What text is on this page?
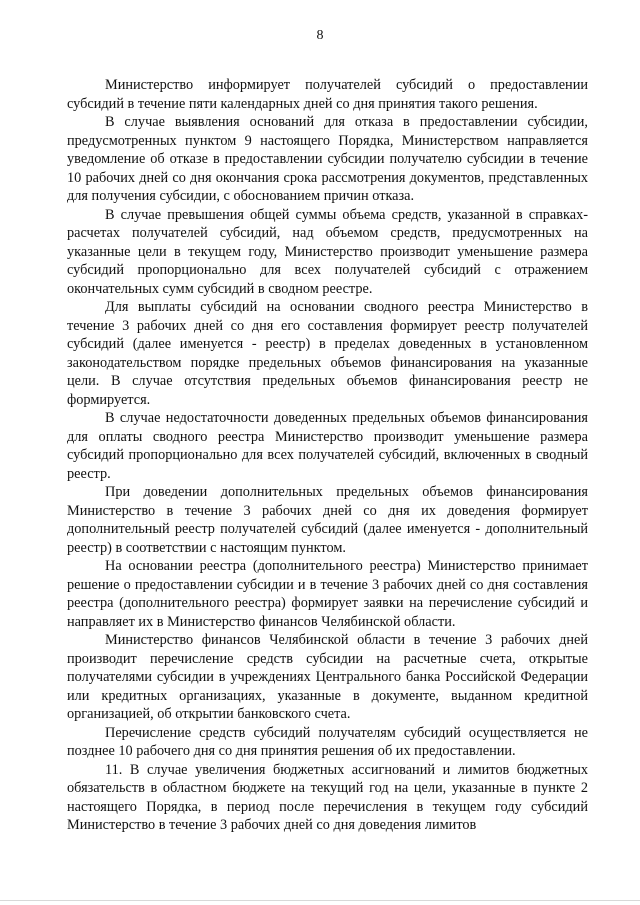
8

Министерство информирует получателей субсидий о предоставлении субсидий в течение пяти календарных дней со дня принятия такого решения.

В случае выявления оснований для отказа в предоставлении субсидии, предусмотренных пунктом 9 настоящего Порядка, Министерством направляется уведомление об отказе в предоставлении субсидии получателю субсидии в течение 10 рабочих дней со дня окончания срока рассмотрения документов, представленных для получения субсидии, с обоснованием причин отказа.

В случае превышения общей суммы объема средств, указанной в справках-расчетах получателей субсидий, над объемом средств, предусмотренных на указанные цели в текущем году, Министерство производит уменьшение размера субсидий пропорционально для всех получателей субсидий с отражением окончательных сумм субсидий в сводном реестре.

Для выплаты субсидий на основании сводного реестра Министерство в течение 3 рабочих дней со дня его составления формирует реестр получателей субсидий (далее именуется - реестр) в пределах доведенных в установленном законодательством порядке предельных объемов финансирования на указанные цели. В случае отсутствия предельных объемов финансирования реестр не формируется.

В случае недостаточности доведенных предельных объемов финансирования для оплаты сводного реестра Министерство производит уменьшение размера субсидий пропорционально для всех получателей субсидий, включенных в сводный реестр.

При доведении дополнительных предельных объемов финансирования Министерство в течение 3 рабочих дней со дня их доведения формирует дополнительный реестр получателей субсидий (далее именуется - дополнительный реестр) в соответствии с настоящим пунктом.

На основании реестра (дополнительного реестра) Министерство принимает решение о предоставлении субсидии и в течение 3 рабочих дней со дня составления реестра (дополнительного реестра) формирует заявки на перечисление субсидий и направляет их в Министерство финансов Челябинской области.

Министерство финансов Челябинской области в течение 3 рабочих дней производит перечисление средств субсидии на расчетные счета, открытые получателями субсидии в учреждениях Центрального банка Российской Федерации или кредитных организациях, указанные в документе, выданном кредитной организацией, об открытии банковского счета.

Перечисление средств субсидий получателям субсидий осуществляется не позднее 10 рабочего дня со дня принятия решения об их предоставлении.

11. В случае увеличения бюджетных ассигнований и лимитов бюджетных обязательств в областном бюджете на текущий год на цели, указанные в пункте 2 настоящего Порядка, в период после перечисления в текущем году субсидий Министерство в течение 3 рабочих дней со дня доведения лимитов
